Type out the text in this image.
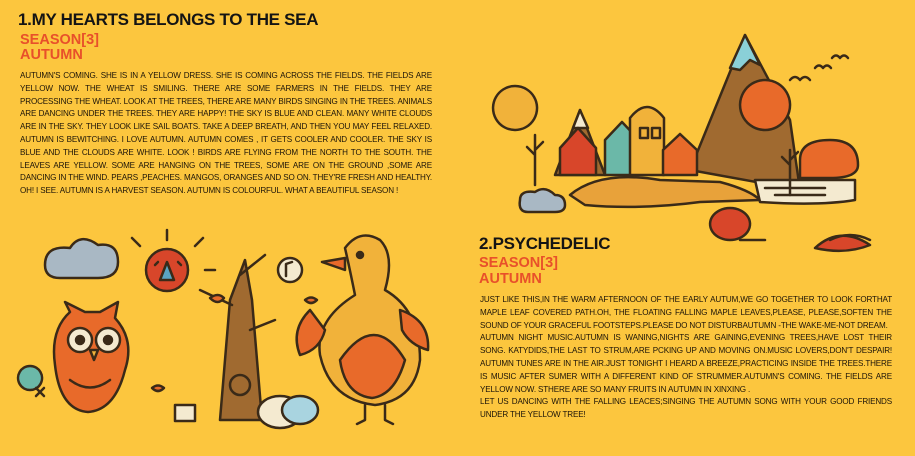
1.MY HEARTS BELONGS TO THE SEA
SEASON[3]
AUTUMN
AUTUMN'S COMING. SHE IS IN A YELLOW DRESS. SHE IS COMING ACROSS THE FIELDS. THE FIELDS ARE YELLOW NOW. THE WHEAT IS SMILING. THERE ARE SOME FARMERS IN THE FIELDS. THEY ARE PROCESSING THE WHEAT. LOOK AT THE TREES, THERE ARE MANY BIRDS SINGING IN THE TREES. ANIMALS ARE DANCING UNDER THE TREES. THEY ARE HAPPY! THE SKY IS BLUE AND CLEAN. MANY WHITE CLOUDS ARE IN THE SKY. THEY LOOK LIKE SAIL BOATS. TAKE A DEEP BREATH, AND THEN YOU MAY FEEL RELAXED. AUTUMN IS BEWITCHING. I LOVE AUTUMN. AUTUMN COMES , IT GETS COOLER AND COOLER. THE SKY IS BLUE AND THE CLOUDS ARE WHITE. LOOK ! BIRDS ARE FLYING FROM THE NORTH TO THE SOUTH. THE LEAVES ARE YELLOW. SOME ARE HANGING ON THE TREES, SOME ARE ON THE GROUND ,SOME ARE DANCING IN THE WIND. PEARS ,PEACHES. MANGOS, ORANGES AND SO ON. THEY'RE FRESH AND HEALTHY. OH! I SEE. AUTUMN IS A HARVEST SEASON. AUTUMN IS COLOURFUL. WHAT A BEAUTIFUL SEASON !
2.PSYCHEDELIC
SEASON[3]
AUTUMN

JUST LIKE THIS,IN THE WARM AFTERNOON OF THE EARLY AUTUM,WE GO TOGETHER TO LOOK FORTHAT MAPLE LEAF COVERED PATH.OH, THE FLOATING FALLING MAPLE LEAVES,PLEASE, PLEASE,SOFTEN THE SOUND OF YOUR GRACEFUL FOOTSTEPS.PLEASE DO NOT DISTURBAUTUMN -THE WAKE-ME-NOT DREAM.

AUTUMN NIGHT MUSIC.AUTUMN IS WANING,NIGHTS ARE GAINING,EVENING TREES,HAVE LOST THEIR SONG. KATYDIDS,THE LAST TO STRUM,ARE PCKING UP AND MOVING ON.MUSIC LOVERS,DON'T DESPAIR! AUTUMN TUNES ARE IN THE AIR.JUST TONIGHT I HEARD A BREEZE,PRACTICING INSIDE THE TREES.THERE IS MUSIC AFTER SUMER WITH A DIFFERENT KIND OF STRUMMER.AUTUMN'S COMING. THE FIELDS ARE YELLOW NOW. STHERE ARE SO MANY FRUITS IN AUTUMN IN XINXING .

LET US DANCING WITH THE FALLING LEACES;SINGING THE AUTUMN SONG WITH YOUR GOOD FRIENDS UNDER THE YELLOW TREE!
